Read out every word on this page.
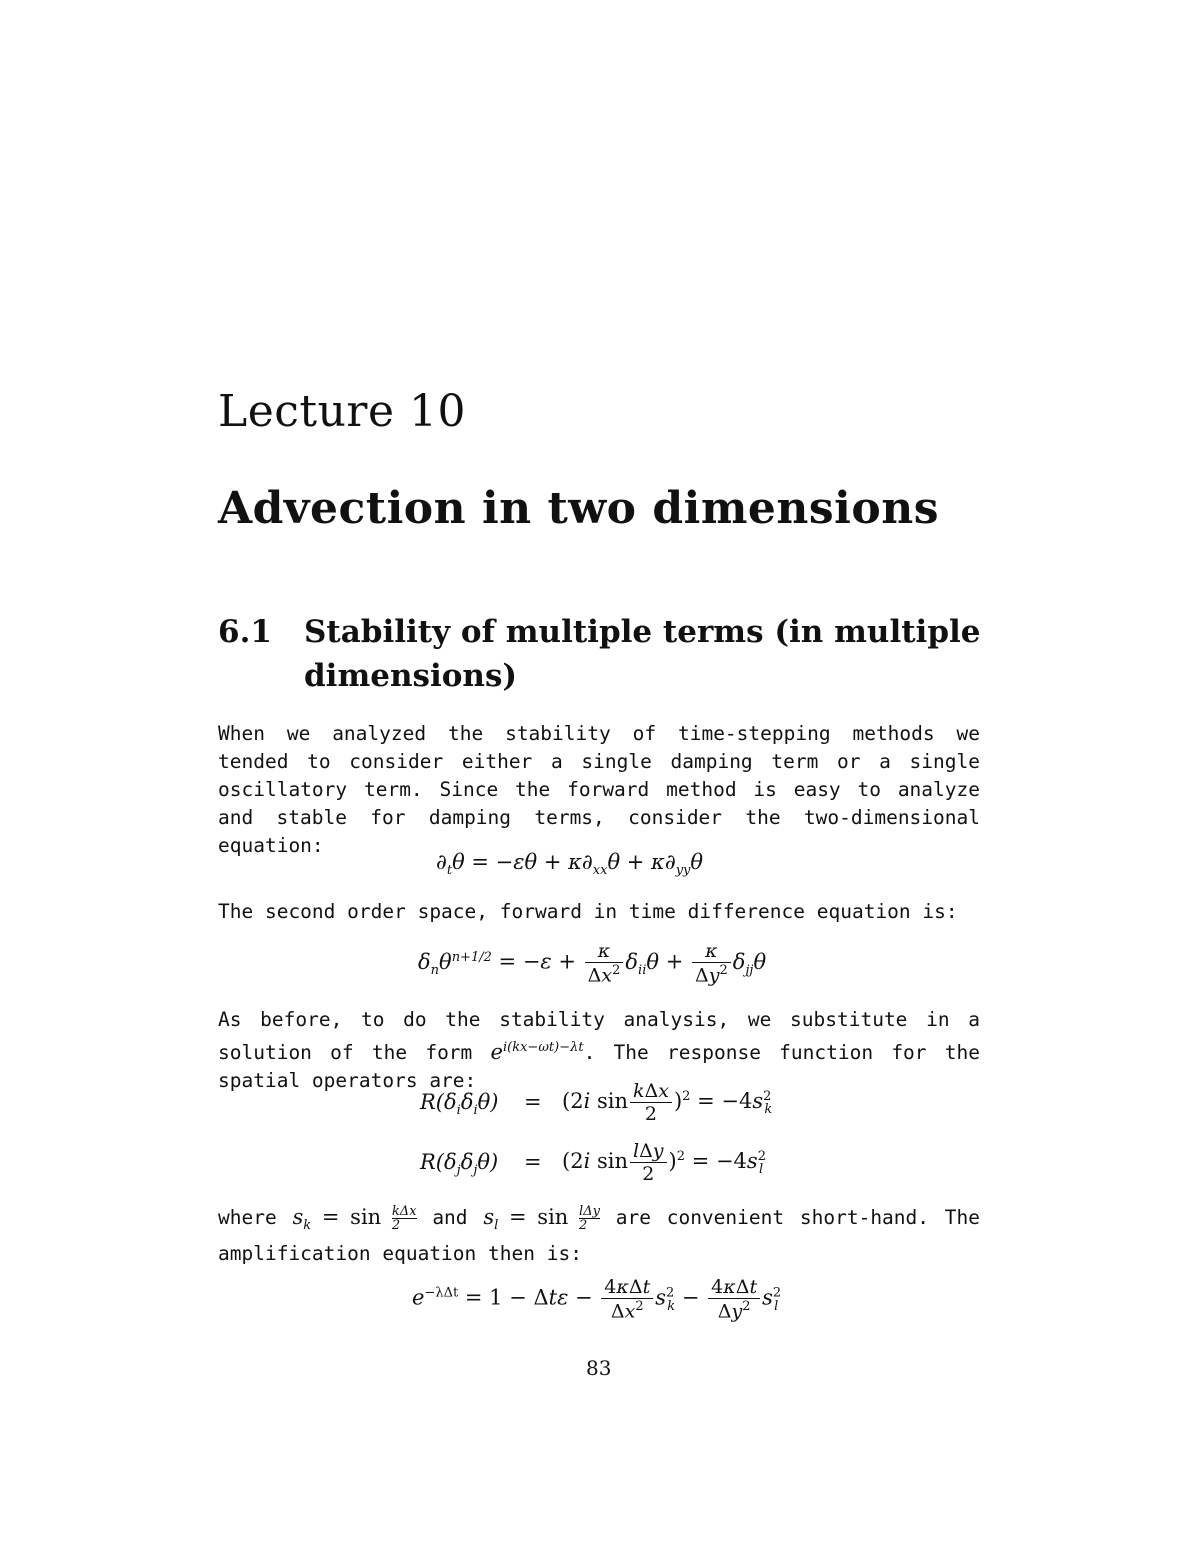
Lecture 10
Advection in two dimensions
6.1 Stability of multiple terms (in multiple
dimensions)
When we analyzed the stability of time-stepping methods we tended to consider either a single damping term or a single oscillatory term. Since the forward method is easy to analyze and stable for damping terms, consider the two-dimensional equation:
$\partial_t\theta = -\varepsilon\theta + \kappa\partial_{xx}\theta + \kappa\partial_{yy}\theta$
The second order space, forward in time difference equation is:
$\delta_n\theta^{n+1/2} = -\varepsilon + \frac{\kappa}{\Delta x^2} \delta_{ii}\theta + \frac{\kappa}{\Delta y^2} \delta_{jj}\theta$
As before, to do the stability analysis, we substitute in a solution of the form $e^{i(kx-\omega t)-\lambda t}$. The response function for the spatial operators are:
$R(\delta_i\delta_i\theta) = (2i$ $\sin \frac{\text{kΔx}}{2} )^2 = -4s^2_k$
$R(\delta_j\delta_j\theta) = (2i$ $\sin \frac{\text{lΔy}}{2} )^2 = -4s^2_l$
where $s_k = \sin k\Delta x$
2	and $s_l = \sin l\Delta y$
2	are convenient short-hand. The amplification equation then is:
$e^{-\lambda\Delta t} = 1 - \Delta t\varepsilon - \frac{\text{4κΔt}}{\Delta x^2} s^2_k - \frac{\text{4κΔt}}{\Delta y^2} s^2_l$
83
